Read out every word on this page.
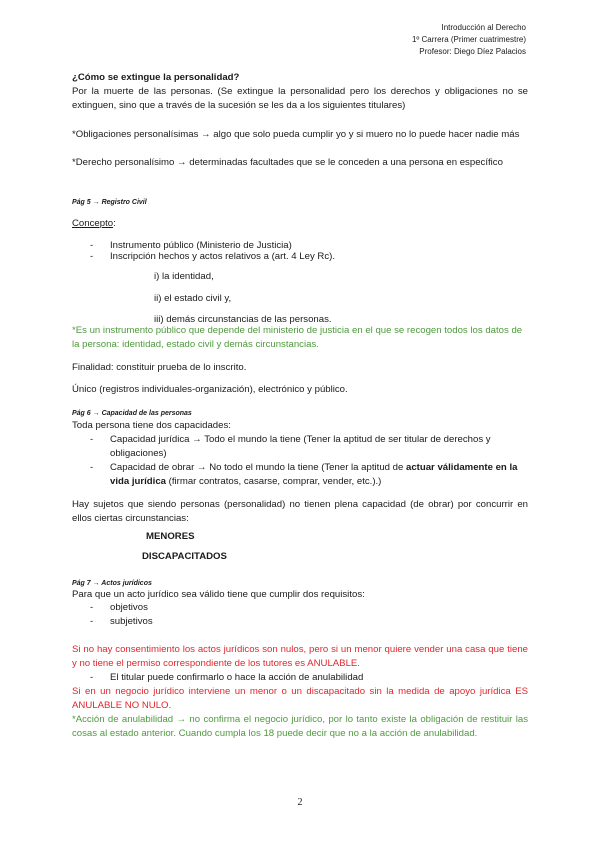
Introducción al Derecho
1º Carrera (Primer cuatrimestre)
Profesor: Diego Díez Palacios
¿Cómo se extingue la personalidad?
Por la muerte de las personas. (Se extingue la personalidad pero los derechos y obligaciones no se extinguen, sino que a través de la sucesión se les da a los siguientes titulares)
*Obligaciones personalísimas → algo que solo pueda cumplir yo y si muero no lo puede hacer nadie más
*Derecho personalísimo → determinadas facultades que se le conceden a una persona en específico
Pág 5 → Registro Civil
Concepto:
- Instrumento público (Ministerio de Justicia)
- Inscripción hechos y actos relativos a (art. 4 Ley Rc).
i) la identidad,
ii) el estado civil y,
iii) demás circunstancias de las personas.
*Es un instrumento público que depende del ministerio de justicia en el que se recogen todos los datos de la persona: identidad, estado civil y demás circunstancias.
Finalidad: constituir prueba de lo inscrito.
Único (registros individuales-organización), electrónico y público.
Pág 6 → Capacidad de las personas
Toda persona tiene dos capacidades:
- Capacidad jurídica → Todo el mundo la tiene (Tener la aptitud de ser titular de derechos y obligaciones)
- Capacidad de obrar → No todo el mundo la tiene (Tener la aptitud de actuar válidamente en la vida jurídica (firmar contratos, casarse, comprar, vender, etc.).)
Hay sujetos que siendo personas (personalidad) no tienen plena capacidad (de obrar) por concurrir en ellos ciertas circunstancias:
MENORES
DISCAPACITADOS
Pág 7 → Actos jurídicos
Para que un acto jurídico sea válido tiene que cumplir dos requisitos:
- objetivos
- subjetivos
Si no hay consentimiento los actos jurídicos son nulos, pero si un menor quiere vender una casa que tiene y no tiene el permiso correspondiente de los tutores es ANULABLE.
- El titular puede confirmarlo o hace la acción de anulabilidad
Si en un negocio jurídico interviene un menor o un discapacitado sin la medida de apoyo jurídica ES ANULABLE NO NULO.
*Acción de anulabilidad → no confirma el negocio jurídico, por lo tanto existe la obligación de restituir las cosas al estado anterior. Cuando cumpla los 18 puede decir que no a la acción de anulabilidad.
2
